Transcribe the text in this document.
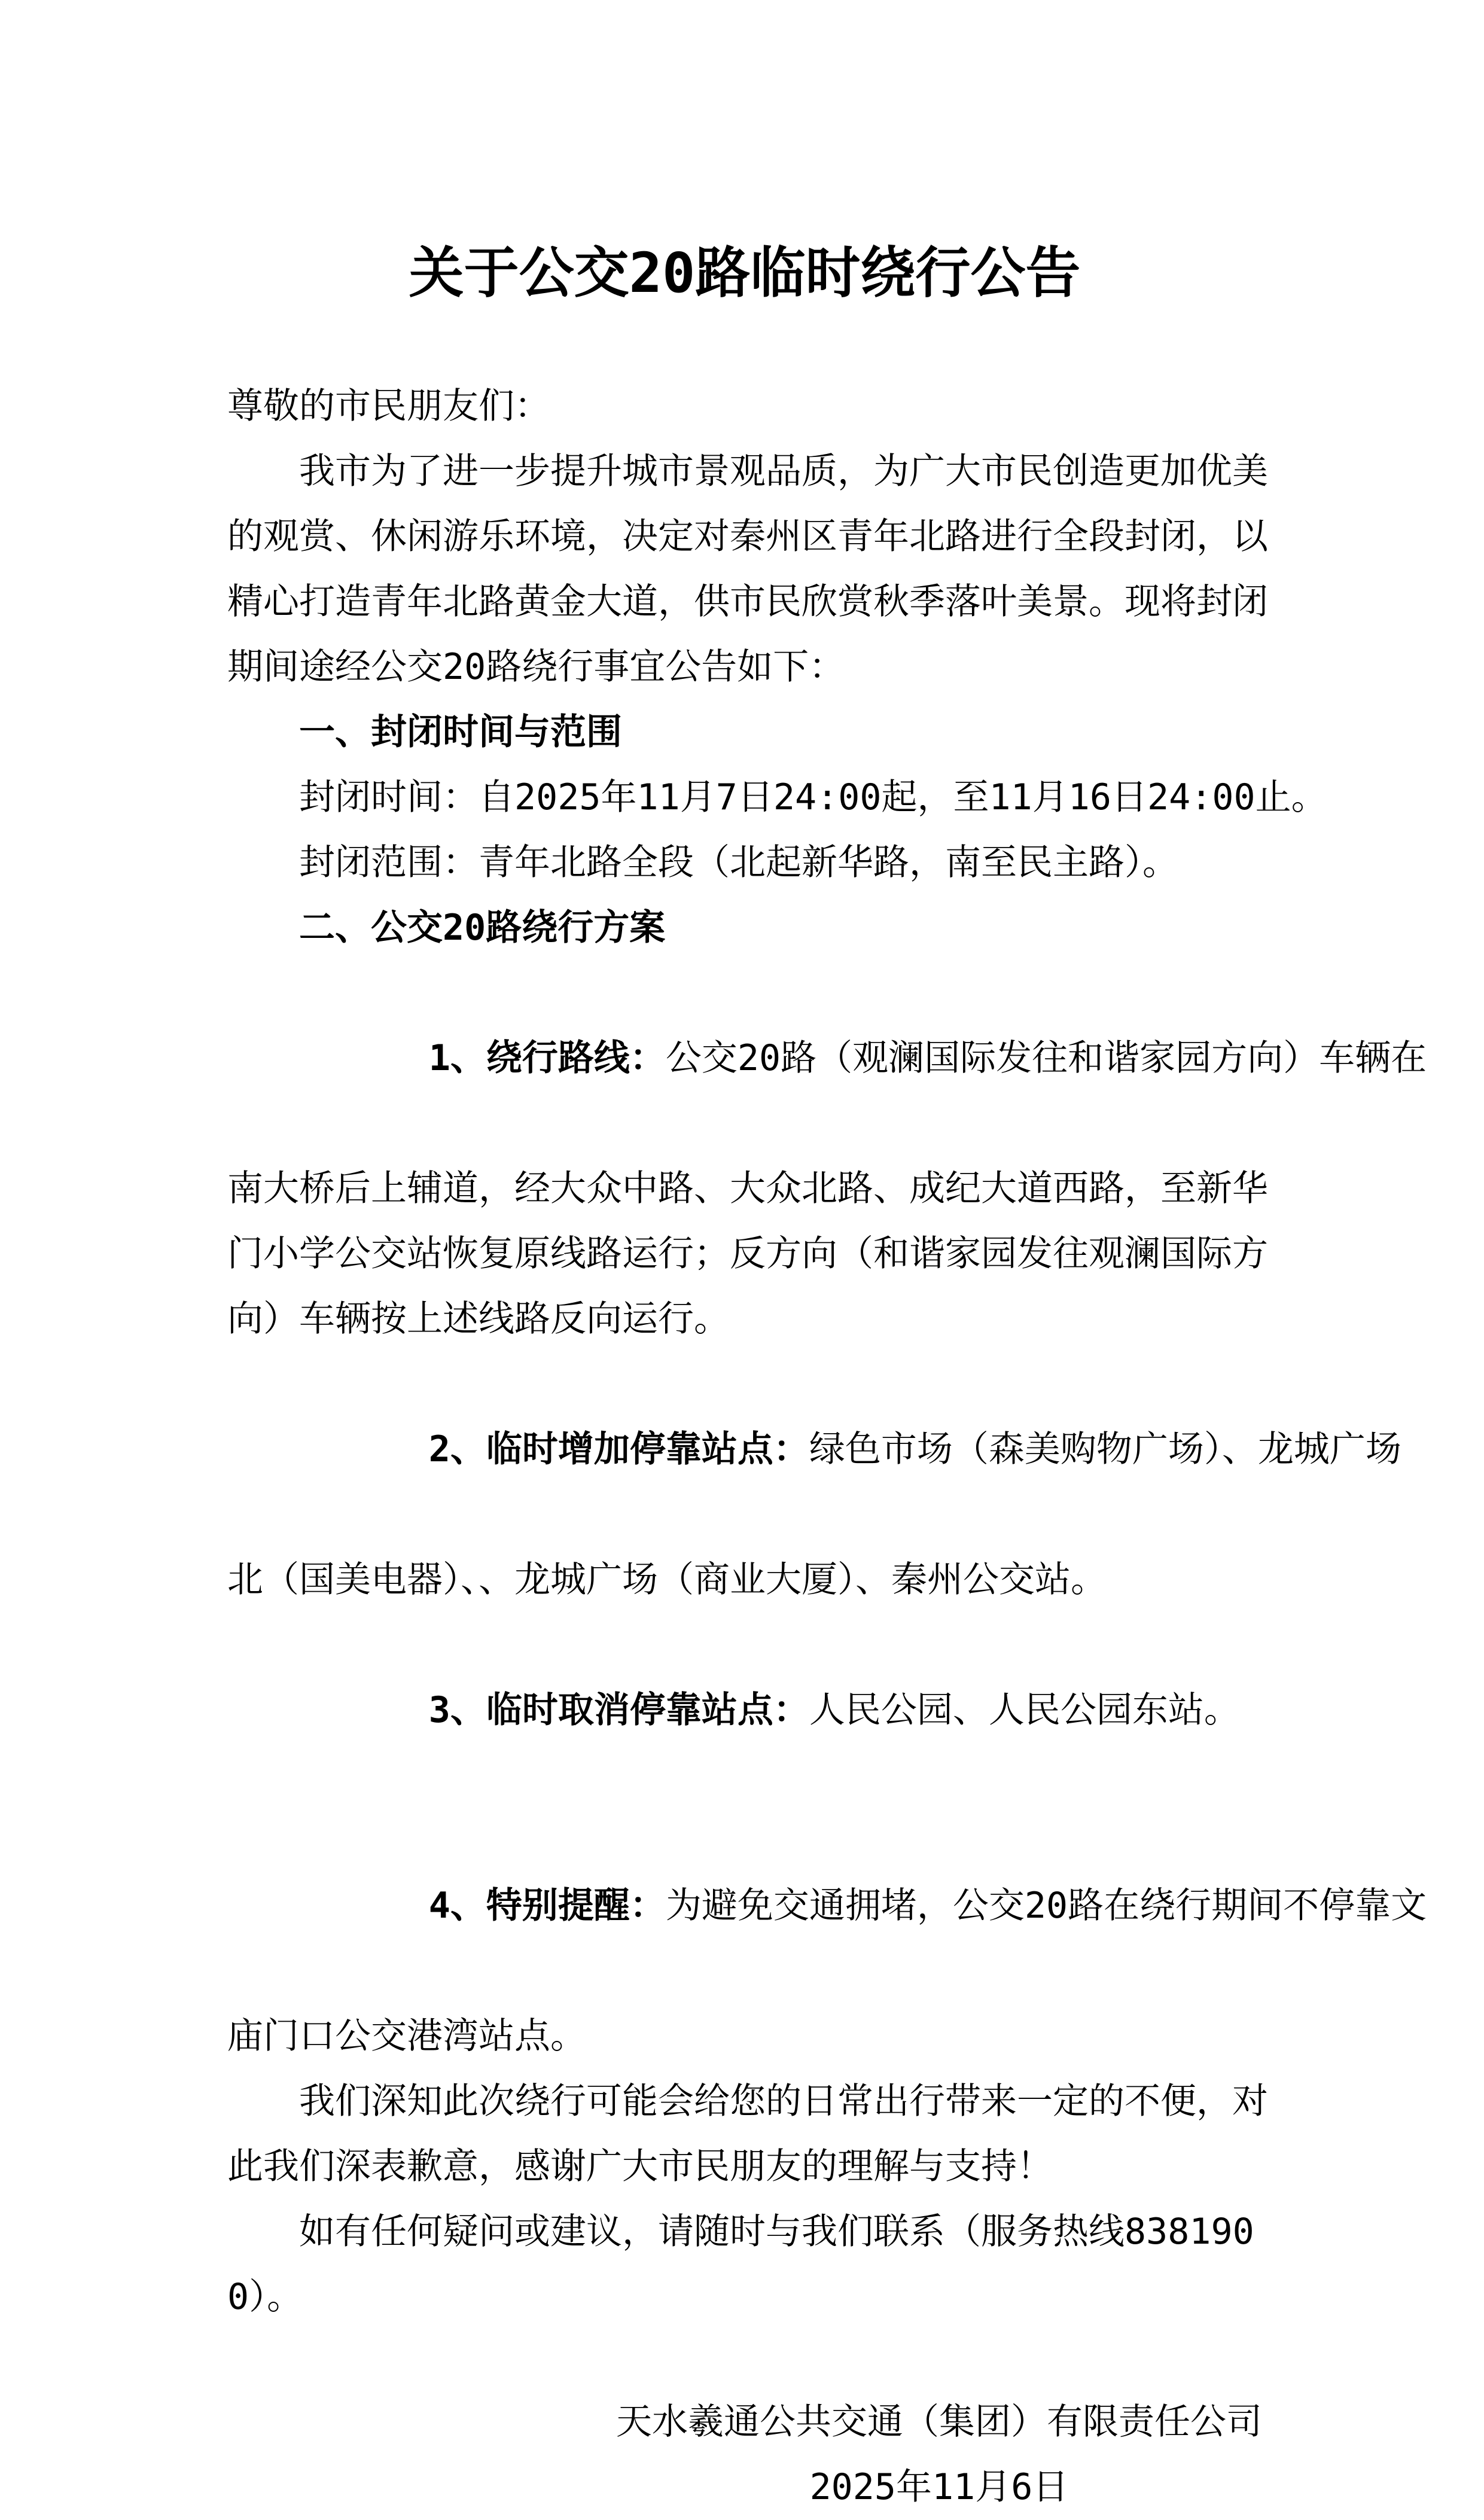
关于公交20路临时绕行公告
尊敬的市民朋友们：
我市为了进一步提升城市景观品质，为广大市民创造更加优美
的观赏、休闲游乐环境，决定对秦州区青年北路进行全段封闭，以
精心打造青年北路黄金大道，供市民欣赏秋季落叶美景。现将封闭
期间途经公交20路绕行事宜公告如下：
一、封闭时间与范围
封闭时间：自2025年11月7日24:00起，至11月16日24:00止。
封闭范围：青年北路全段（北起新华路，南至民主路）。
二、公交20路绕行方案

1、绕行路线：公交20路（观澜国际发往和谐家园方向）车辆在

南大桥后上辅道，经大众中路、大众北路、成纪大道西路，至新华
门小学公交站恢复原线路运行；反方向（和谐家园发往观澜国际方
向）车辆按上述线路反向运行。

2、临时增加停靠站点：绿色市场（森美购物广场）、龙城广场

北（国美电器）、、龙城广场（商业大厦）、秦州公交站。

3、临时取消停靠站点：人民公园、人民公园东站。

4、特别提醒：为避免交通拥堵，公交20路在绕行期间不停靠文

庙门口公交港湾站点。
我们深知此次绕行可能会给您的日常出行带来一定的不便，对
此我们深表歉意，感谢广大市民朋友的理解与支持！
如有任何疑问或建议，请随时与我们联系（服务热线838190
0）。
天水羲通公共交通（集团）有限责任公司
2025年11月6日
